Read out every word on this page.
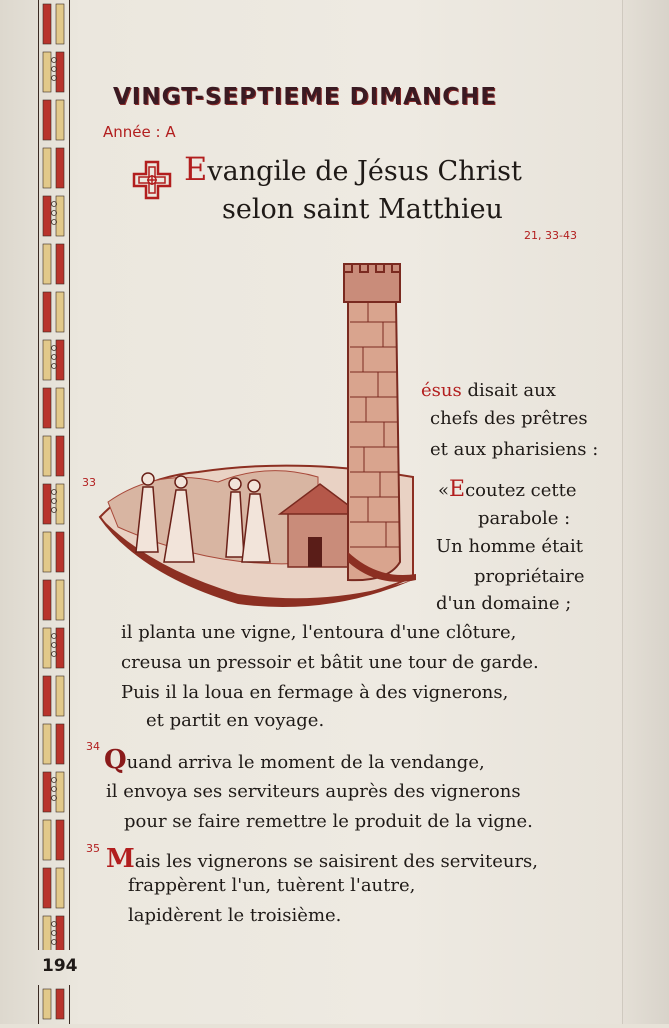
VINGT-SEPTIEME DIMANCHE
Année : A
Evangile de Jésus Christ
selon saint Matthieu
21, 33-43
33
34
35
ésus disait aux
chefs des prêtres
et aux pharisiens :
«Ecoutez cette
parabole :
Un homme était
propriétaire
d'un domaine ;
il planta une vigne, l'entoura d'une clôture,
creusa un pressoir et bâtit une tour de garde.
Puis il la loua en fermage à des vignerons,
et partit en voyage.
Quand arriva le moment de la vendange,
il envoya ses serviteurs auprès des vignerons
pour se faire remettre le produit de la vigne.
Mais les vignerons se saisirent des serviteurs,
frappèrent l'un, tuèrent l'autre,
lapidèrent le troisième.
194
